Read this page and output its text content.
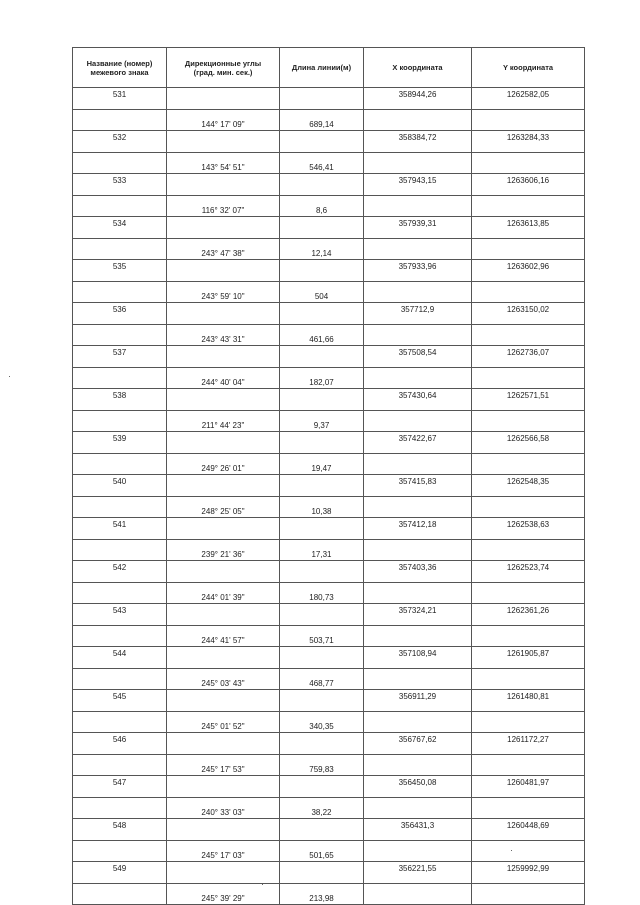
Название (номер)
межевого знака	Дирекционные углы
(град. мин. сек.)	Длина линии(м)	X координата	Y координата
531			358944,26	1262582,05
	144° 17' 09"	689,14		
532			358384,72	1263284,33
	143° 54' 51"	546,41		
533			357943,15	1263606,16
	116° 32' 07"	8,6		
534			357939,31	1263613,85
	243° 47' 38"	12,14		
535			357933,96	1263602,96
	243° 59' 10"	504		
536			357712,9	1263150,02
	243° 43' 31"	461,66		
537			357508,54	1262736,07
	244° 40' 04"	182,07		
538			357430,64	1262571,51
	211° 44' 23"	9,37		
539			357422,67	1262566,58
	249° 26' 01"	19,47		
540			357415,83	1262548,35
	248° 25' 05"	10,38		
541			357412,18	1262538,63
	239° 21' 36"	17,31		
542			357403,36	1262523,74
	244° 01' 39"	180,73		
543			357324,21	1262361,26
	244° 41' 57"	503,71		
544			357108,94	1261905,87
	245° 03' 43"	468,77		
545			356911,29	1261480,81
	245° 01' 52"	340,35		
546			356767,62	1261172,27
	245° 17' 53"	759,83		
547			356450,08	1260481,97
	240° 33' 03"	38,22		
548			356431,3	1260448,69
	245° 17' 03"	501,65		
549			356221,55	1259992,99
	245° 39' 29"	213,98		
